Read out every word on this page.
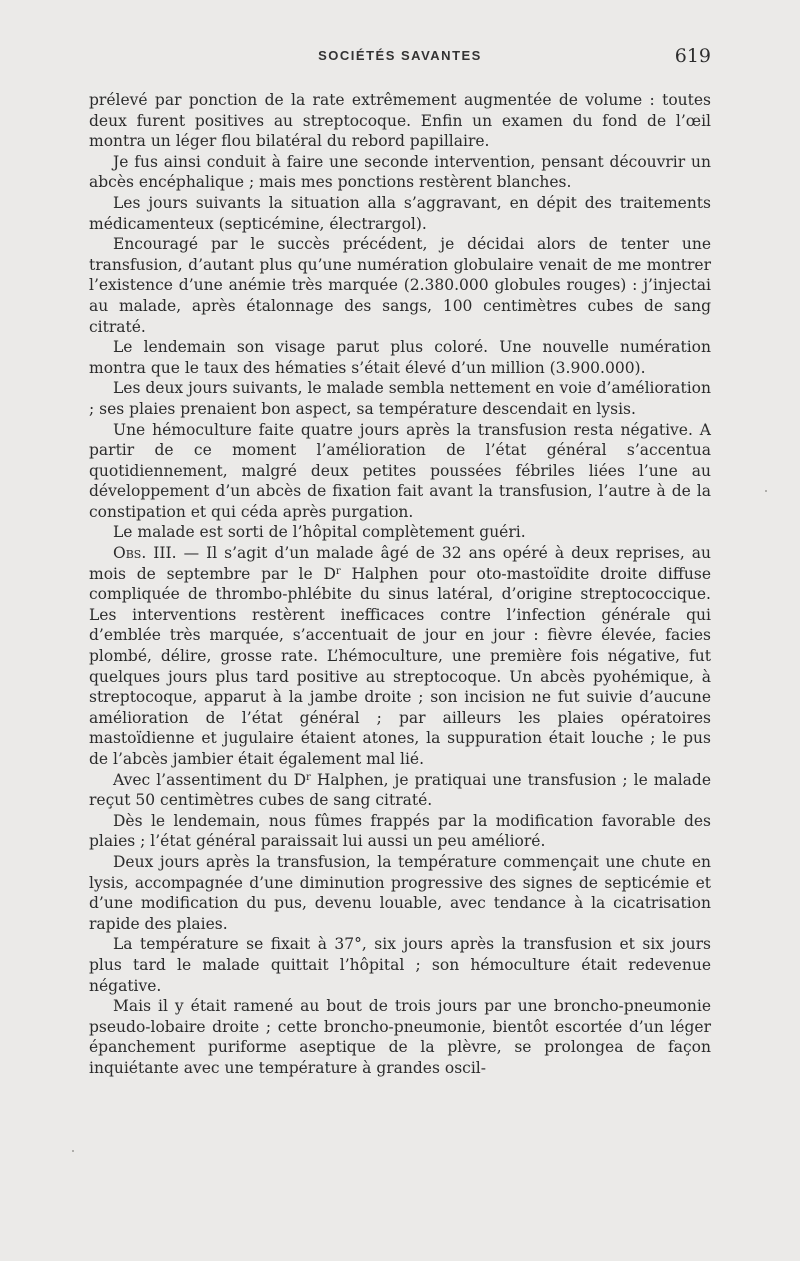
SOCIÉTÉS SAVANTES	619

prélevé par ponction de la rate extrêmement augmentée de volume : toutes deux furent positives au streptocoque. Enfin un examen du fond de l’œil montra un léger flou bilatéral du rebord papillaire.

Je fus ainsi conduit à faire une seconde intervention, pensant découvrir un abcès encéphalique ; mais mes ponctions restèrent blanches.

Les jours suivants la situation alla s’aggravant, en dépit des traitements médicamenteux (septicémine, électrargol).

Encouragé par le succès précédent, je décidai alors de tenter une transfusion, d’autant plus qu’une numération globulaire venait de me montrer l’existence d’une anémie très marquée (2.380.000 globules rouges) : j’injectai au malade, après étalonnage des sangs, 100 centimètres cubes de sang citraté.

Le lendemain son visage parut plus coloré. Une nouvelle numération montra que le taux des hématies s’était élevé d’un million (3.900.000).

Les deux jours suivants, le malade sembla nettement en voie d’amélioration ; ses plaies prenaient bon aspect, sa température descendait en lysis.

Une hémoculture faite quatre jours après la transfusion resta négative. A partir de ce moment l’amélioration de l’état général s’accentua quotidiennement, malgré deux petites poussées fébriles liées l’une au développement d’un abcès de fixation fait avant la transfusion, l’autre à de la constipation et qui céda après purgation.

Le malade est sorti de l’hôpital complètement guéri.

Obs. III. — Il s’agit d’un malade âgé de 32 ans opéré à deux reprises, au mois de septembre par le $D^r$ Halphen pour oto-mastoïdite droite diffuse compliquée de thrombo-phlébite du sinus latéral, d’origine streptococcique. Les interventions restèrent inefficaces contre l’infection générale qui d’emblée très marquée, s’accentuait de jour en jour : fièvre élevée, facies plombé, délire, grosse rate. L’hémoculture, une première fois négative, fut quelques jours plus tard positive au streptocoque. Un abcès pyohémique, à streptocoque, apparut à la jambe droite ; son incision ne fut suivie d’aucune amélioration de l’état général ; par ailleurs les plaies opératoires mastoïdienne et jugulaire étaient atones, la suppuration était louche ; le pus de l’abcès jambier était également mal lié.

Avec l’assentiment du $D^r$ Halphen, je pratiquai une transfusion ; le malade reçut 50 centimètres cubes de sang citraté.

Dès le lendemain, nous fûmes frappés par la modification favorable des plaies ; l’état général paraissait lui aussi un peu amélioré.

Deux jours après la transfusion, la température commençait une chute en lysis, accompagnée d’une diminution progressive des signes de septicémie et d’une modification du pus, devenu louable, avec tendance à la cicatrisation rapide des plaies.

La température se fixait à 37°, six jours après la transfusion et six jours plus tard le malade quittait l’hôpital ; son hémoculture était redevenue négative.

Mais il y était ramené au bout de trois jours par une broncho-pneumonie pseudo-lobaire droite ; cette broncho-pneumonie, bientôt escortée d’un léger épanchement puriforme aseptique de la plèvre, se prolongea de façon inquiétante avec une température à grandes oscil-
